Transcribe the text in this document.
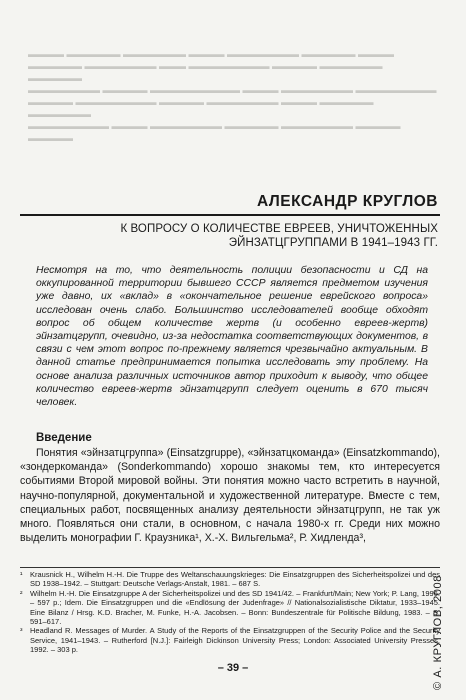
▬▬▬▬ ▬▬▬▬▬▬ ▬▬▬▬▬▬▬ ▬▬▬▬ ▬▬▬▬▬▬▬▬ ▬▬▬▬▬▬ ▬▬▬▬
▬▬▬▬▬▬ ▬▬▬▬▬▬▬▬ ▬▬▬ ▬▬▬▬▬▬▬▬▬ ▬▬▬▬▬ ▬▬▬▬▬▬▬ ▬▬▬▬▬▬
▬▬▬▬▬▬▬▬ ▬▬▬▬▬ ▬▬▬▬▬▬▬▬▬▬ ▬▬▬▬ ▬▬▬▬▬▬▬▬ ▬▬▬▬▬▬▬▬▬
▬▬▬▬▬ ▬▬▬▬▬▬▬▬▬ ▬▬▬▬▬ ▬▬▬▬▬▬▬▬ ▬▬▬▬ ▬▬▬▬▬▬ ▬▬▬▬▬▬▬
▬▬▬▬▬▬▬▬▬ ▬▬▬▬ ▬▬▬▬▬▬▬▬ ▬▬▬▬▬▬ ▬▬▬▬▬▬▬▬ ▬▬▬▬▬ ▬▬▬▬▬
АЛЕКСАНДР КРУГЛОВ
К ВОПРОСУ О КОЛИЧЕСТВЕ ЕВРЕЕВ, УНИЧТОЖЕННЫХ ЭЙНЗАТЦГРУППАМИ В 1941–1943 ГГ.
Несмотря на то, что деятельность полиции безопасности и СД на оккупированной территории бывшего СССР является предметом изучения уже давно, их «вклад» в «окончательное решение еврейского вопроса» исследован очень слабо. Большинство исследователей вообще обходят вопрос об общем количестве жертв (и особенно евреев-жертв) эйнзатцгрупп, очевидно, из-за недостатка соответствующих документов, в связи с чем этот вопрос по-прежнему является чрезвычайно актуальным. В данной статье предпринимается попытка исследовать эту проблему. На основе анализа различных источников автор приходит к выводу, что общее количество евреев-жертв эйнзатцгрупп следует оценить в 670 тысяч человек.
Введение
Понятия «эйнзатцгруппа» (Einsatzgruppe), «эйнзатцкоманда» (Einsatzkommando), «зондеркоманда» (Sonderkommando) хорошо знакомы тем, кто интересуется событиями Второй мировой войны. Эти понятия можно часто встретить в научной, научно-популярной, документальной и художественной литературе. Вместе с тем, специальных работ, посвященных анализу деятельности эйнзатцгрупп, не так уж много. Появляться они стали, в основном, с начала 1980-х гг. Среди них можно выделить монографии Г. Краузника¹, Х.-Х. Вильгельма², Р. Хидленда³,
¹	Krausnick H., Wilhelm H.-H. Die Truppe des Weltanschauungskrieges: Die Einsatzgruppen des Sicherheitspolizei und des SD 1938–1942. – Stuttgart: Deutsche Verlags-Anstalt, 1981. – 687 S.
²	Wilhelm H.-H. Die Einsatzgruppe A der Sicherheitspolizei und des SD 1941/42. – Frankfurt/Main; New York; P. Lang, 1996. – 597 p.; Idem. Die Einsatzgruppen und die «Endlösung der Judenfrage» // Nationalsozialistische Diktatur, 1933–1945. Eine Bilanz / Hrsg. K.D. Bracher, M. Funke, H.-A. Jacobsen. – Bonn: Bundeszentrale für Politische Bildung, 1983. – S. 591–617.
³	Headland R. Messages of Murder. A Study of the Reports of the Einsatzgruppen of the Security Police and the Security Service, 1941–1943. – Rutherford [N.J.]: Fairleigh Dickinson University Press; London: Associated University Presses, 1992. – 303 p.
– 39 –	© А. КРУГЛОВ, 2008
